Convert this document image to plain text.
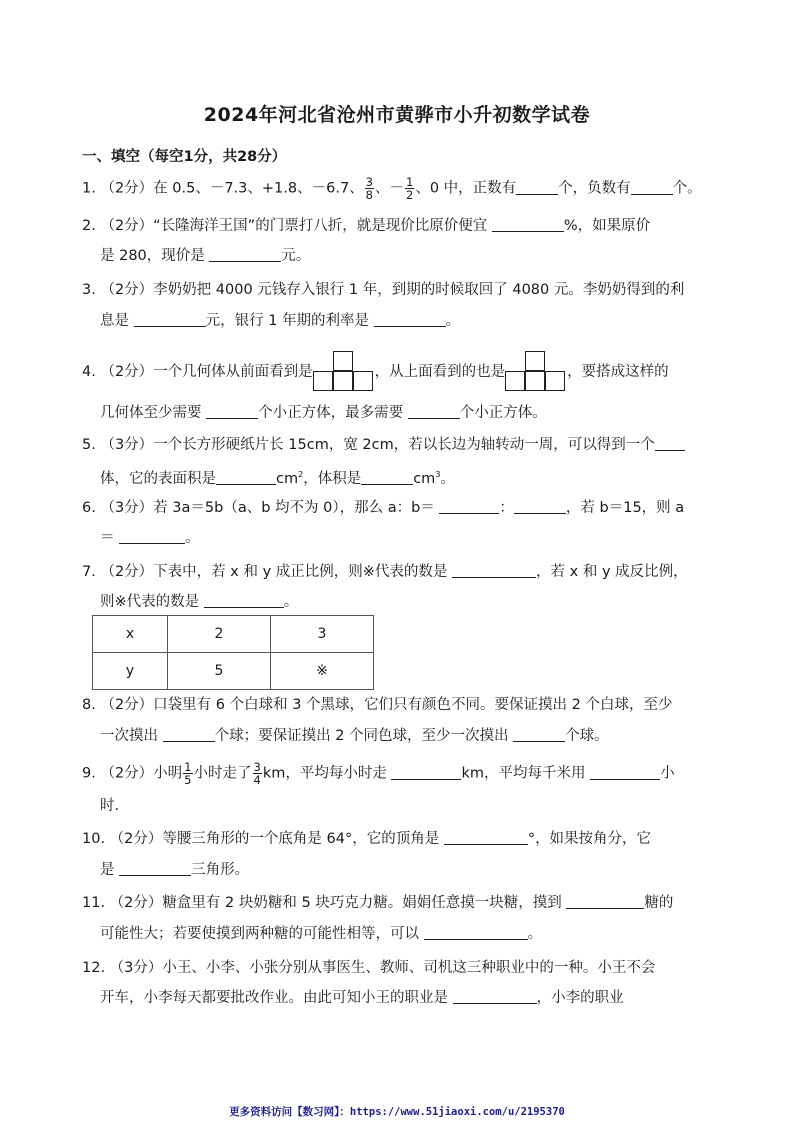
2024年河北省沧州市黄骅市小升初数学试卷
一、填空（每空1分，共28分）
1. （2分）在 0.5、－7.3、+1.8、－6.7、 $\frac{3}{8}$ 、－ $\frac{1}{2}$ 、0 中，正数有	个，负数有	个。
2. （2分）“长隆海洋王国”的门票打八折，就是现价比原价便宜	%，如果原价
是 280，现价是	元。
3. （2分）李奶奶把 4000 元钱存入银行 1 年，到期的时候取回了 4080 元。李奶奶得到的利
息是	元，银行 1 年期的利率是	。
4. （2分）一个几何体从前面看到是	，从上面看到的也是	，要搭成这样的
几何体至少需要	个小正方体，最多需要	个小正方体。
5. （3分）一个长方形硬纸片长 15cm，宽 2cm，若以长边为轴转动一周，可以得到一个
体，它的表面积是	$cm^2$，体积是	$cm^3$。
6. （3分）若 3a＝5b（a、b 均不为 0），那么 a：b＝	：	，若 b＝15，则 a
＝	。
7. （2分）下表中，若 x 和 y 成正比例，则※代表的数是	，若 x 和 y 成反比例，
则※代表的数是	。
x	2	3
y	5	※
8. （2分）口袋里有 6 个白球和 3 个黑球，它们只有颜色不同。要保证摸出 2 个白球，至少
一次摸出	个球；要保证摸出 2 个同色球，至少一次摸出	个球。
9. （2分）小明 $\frac{1}{5}$ 小时走了 $\frac{3}{4}$ km，平均每小时走	km，平均每千米用	小
时.
10. （2分）等腰三角形的一个底角是 64°，它的顶角是	°，如果按角分，它
是	三角形。
11. （2分）糖盒里有 2 块奶糖和 5 块巧克力糖。娟娟任意摸一块糖，摸到	糖的
可能性大；若要使摸到两种糖的可能性相等，可以	。
12. （3分）小王、小李、小张分别从事医生、教师、司机这三种职业中的一种。小王不会
开车，小李每天都要批改作业。由此可知小王的职业是	，小李的职业
更多资料访问【数习网】：https://www.51jiaoxi.com/u/2195370
